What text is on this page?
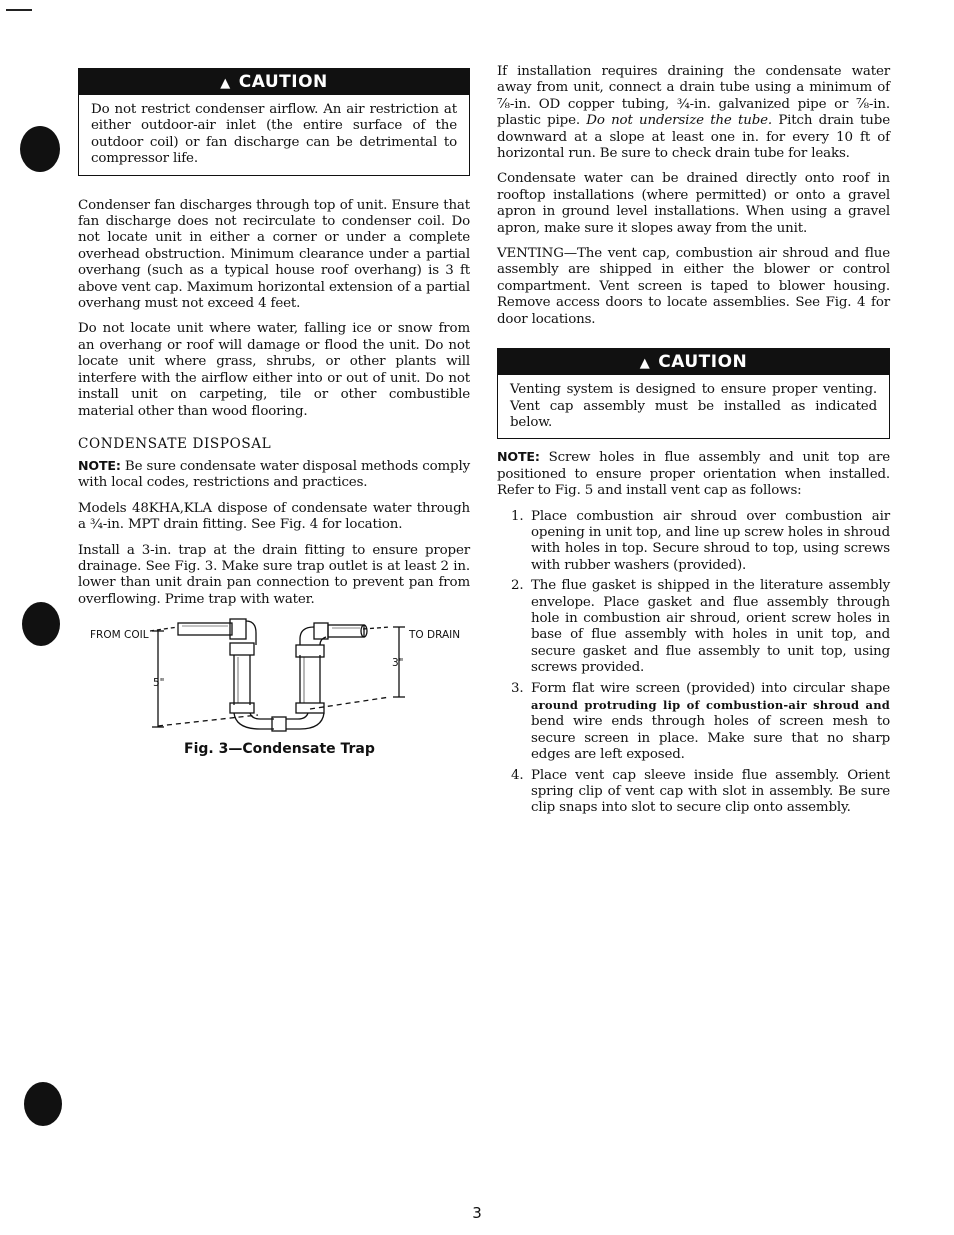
▲ CAUTION

Do not restrict condenser airflow. An air restriction at either outdoor-air inlet (the entire surface of the outdoor coil) or fan discharge can be detrimental to compressor life.

Condenser fan discharges through top of unit. Ensure that fan discharge does not recirculate to condenser coil. Do not locate unit in either a corner or under a complete overhead obstruction. Minimum clearance under a partial overhang (such as a typical house roof overhang) is 3 ft above vent cap. Maximum horizontal extension of a partial overhang must not exceed 4 feet.

Do not locate unit where water, falling ice or snow from an overhang or roof will damage or flood the unit. Do not locate unit where grass, shrubs, or other plants will interfere with the airflow either into or out of unit. Do not install unit on carpeting, tile or other combustible material other than wood flooring.

CONDENSATE DISPOSAL

NOTE: Be sure condensate water disposal methods comply with local codes, restrictions and practices.

Models 48KHA,KLA dispose of condensate water through a ¾-in. MPT drain fitting. See Fig. 4 for location.

Install a 3-in. trap at the drain fitting to ensure proper drainage. See Fig. 3. Make sure trap outlet is at least 2 in. lower than unit drain pan connection to prevent pan from overflowing. Prime trap with water.

FROM COIL	TO DRAIN
5"
3"
Fig. 3—Condensate Trap

If installation requires draining the condensate water away from unit, connect a drain tube using a minimum of ⅞-in. OD copper tubing, ¾-in. galvanized pipe or ⅞-in. plastic pipe. Do not undersize the tube. Pitch drain tube downward at a slope at least one in. for every 10 ft of horizontal run. Be sure to check drain tube for leaks.

Condensate water can be drained directly onto roof in rooftop installations (where permitted) or onto a gravel apron in ground level installations. When using a gravel apron, make sure it slopes away from the unit.

VENTING—The vent cap, combustion air shroud and flue assembly are shipped in either the blower or control compartment. Vent screen is taped to blower housing. Remove access doors to locate assemblies. See Fig. 4 for door locations.

▲ CAUTION

Venting system is designed to ensure proper venting. Vent cap assembly must be installed as indicated below.

NOTE: Screw holes in flue assembly and unit top are positioned to ensure proper orientation when installed. Refer to Fig. 5 and install vent cap as follows:

1. Place combustion air shroud over combustion air opening in unit top, and line up screw holes in shroud with holes in top. Secure shroud to top, using screws with rubber washers (provided).
2. The flue gasket is shipped in the literature assembly envelope. Place gasket and flue assembly through hole in combustion air shroud, orient screw holes in base of flue assembly with holes in unit top, and secure gasket and flue assembly to unit top, using screws provided.
3. Form flat wire screen (provided) into circular shape around protruding lip of combustion-air shroud and bend wire ends through holes of screen mesh to secure screen in place. Make sure that no sharp edges are left exposed.
4. Place vent cap sleeve inside flue assembly. Orient spring clip of vent cap with slot in assembly. Be sure clip snaps into slot to secure clip onto assembly.
3
